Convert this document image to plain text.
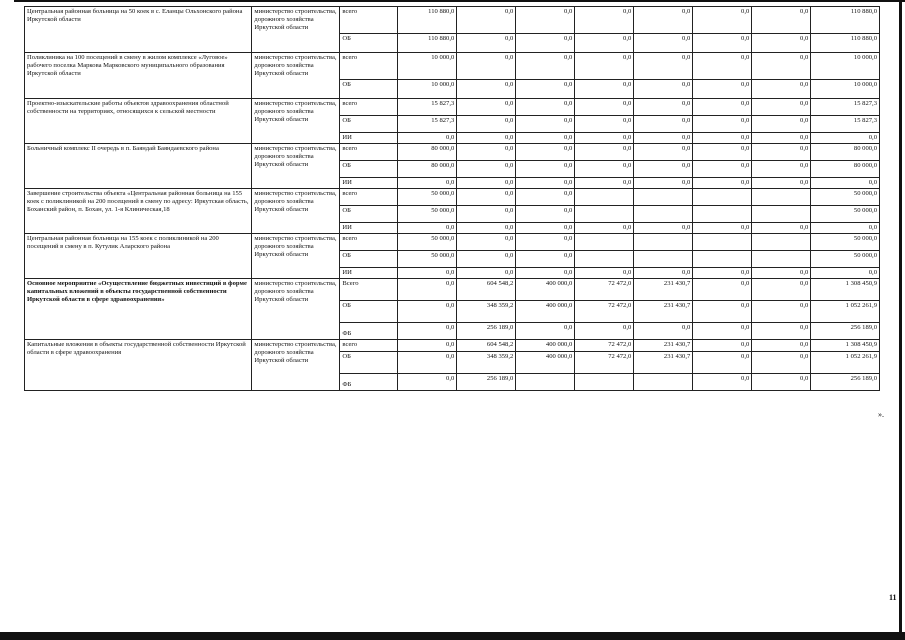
Центральная районная больница на 50 коек в с. Еланцы Ольхонского района Иркутской области	министерство строительства, дорожного хозяйства Иркутской области	всего	110 880,0	0,0	0,0	0,0	0,0	0,0	0,0	110 880,0
		ОБ	110 880,0	0,0	0,0	0,0	0,0	0,0	0,0	110 880,0
Поликлиника на 100 посещений в смену в жилом комплексе «Луговое» рабочего поселка Маркова Марковского муниципального образования Иркутской области	министерство строительства, дорожного хозяйства Иркутской области	всего	10 000,0	0,0	0,0	0,0	0,0	0,0	0,0	10 000,0
		ОБ	10 000,0	0,0	0,0	0,0	0,0	0,0	0,0	10 000,0
Проектно-изыскательские работы объектов здравоохранения областной собственности на территориях, относящихся к сельской местности	министерство строительства, дорожного хозяйства Иркутской области	всего	15 827,3	0,0	0,0	0,0	0,0	0,0	0,0	15 827,3
		ОБ	15 827,3	0,0	0,0	0,0	0,0	0,0	0,0	15 827,3
		ИИ	0,0	0,0	0,0	0,0	0,0	0,0	0,0	0,0
Больничный комплекс II очередь в п. Баяндай Баяндаевского района	министерство строительства, дорожного хозяйства Иркутской области	всего	80 000,0	0,0	0,0	0,0	0,0	0,0	0,0	80 000,0
		ОБ	80 000,0	0,0	0,0	0,0	0,0	0,0	0,0	80 000,0
		ИИ	0,0	0,0	0,0	0,0	0,0	0,0	0,0	0,0
Завершение строительства объекта «Центральная районная больница на 155 коек с поликлиникой на 200 посещений в смену по адресу: Иркутская область, Боханский район, п. Бохан, ул. 1-я Клиническая,18	министерство строительства, дорожного хозяйства Иркутской области	всего	50 000,0	0,0	0,0					50 000,0
		ОБ	50 000,0	0,0	0,0					50 000,0
		ИИ	0,0	0,0	0,0	0,0	0,0	0,0	0,0	0,0
Центральная районная больница на 155 коек с поликлиникой на 200 посещений в смену в п. Кутулик Аларского района	министерство строительства, дорожного хозяйства Иркутской области	всего	50 000,0	0,0	0,0					50 000,0
		ОБ	50 000,0	0,0	0,0					50 000,0
		ИИ	0,0	0,0	0,0	0,0	0,0	0,0	0,0	0,0
Основное мероприятие «Осуществление бюджетных инвестиций в форме капитальных вложений в объекты государственной собственности Иркутской области в сфере здравоохранения»	министерство строительства, дорожного хозяйства Иркутской области	Всего	0,0	604 548,2	400 000,0	72 472,0	231 430,7	0,0	0,0	1 308 450,9
		ОБ	0,0	348 359,2	400 000,0	72 472,0	231 430,7	0,0	0,0	1 052 261,9
		ФБ	0,0	256 189,0	0,0	0,0	0,0	0,0	0,0	256 189,0
Капитальные вложения в объекты государственной собственности Иркутской области в сфере здравоохранения	министерство строительства, дорожного хозяйства Иркутской области	всего	0,0	604 548,2	400 000,0	72 472,0	231 430,7	0,0	0,0	1 308 450,9
		ОБ	0,0	348 359,2	400 000,0	72 472,0	231 430,7	0,0	0,0	1 052 261,9
		ФБ	0,0	256 189,0				0,0	0,0	256 189,0
».
11
